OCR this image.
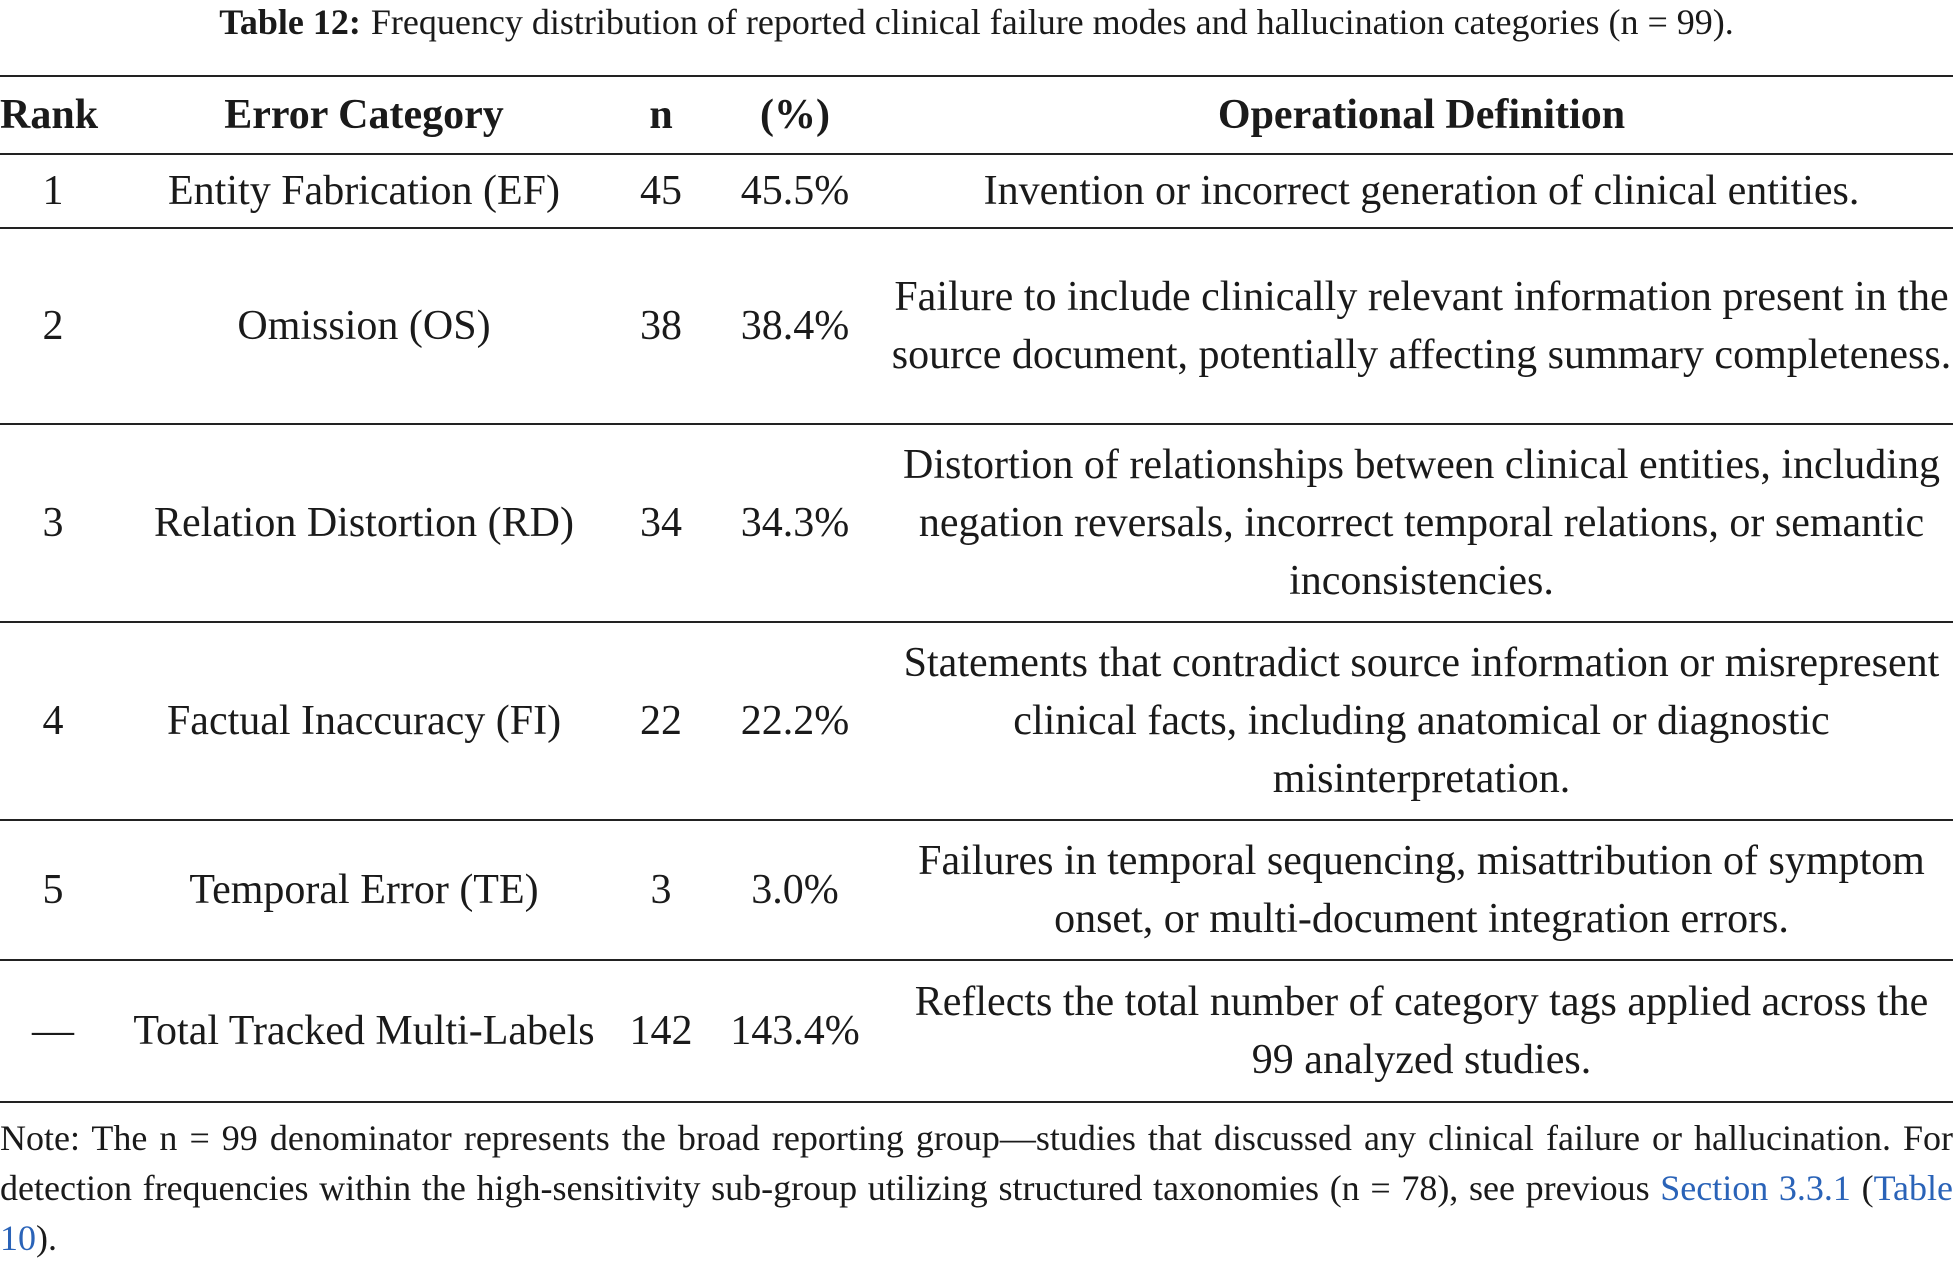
Table 12: Frequency distribution of reported clinical failure modes and hallucination categories (n = 99).
Rank	Error Category	n	(%)	Operational Definition
1	Entity Fabrication (EF)	45	45.5%	Invention or incorrect generation of clinical entities.
2	Omission (OS)	38	38.4%	Failure to include clinically relevant information present in the source document, potentially affecting summary completeness.
3	Relation Distortion (RD)	34	34.3%	Distortion of relationships between clinical entities, including negation reversals, incorrect temporal relations, or semantic inconsistencies.
4	Factual Inaccuracy (FI)	22	22.2%	Statements that contradict source information or misrepresent clinical facts, including anatomical or diagnostic misinterpretation.
5	Temporal Error (TE)	3	3.0%	Failures in temporal sequencing, misattribution of symptom onset, or multi-document integration errors.
—	Total Tracked Multi-Labels	142	143.4%	Reflects the total number of category tags applied across the 99 analyzed studies.
Note: The n = 99 denominator represents the broad reporting group—studies that discussed any clinical failure or hallucination. For detection frequencies within the high-sensitivity sub-group utilizing structured taxonomies (n = 78), see previous Section 3.3.1 (Table 10).
